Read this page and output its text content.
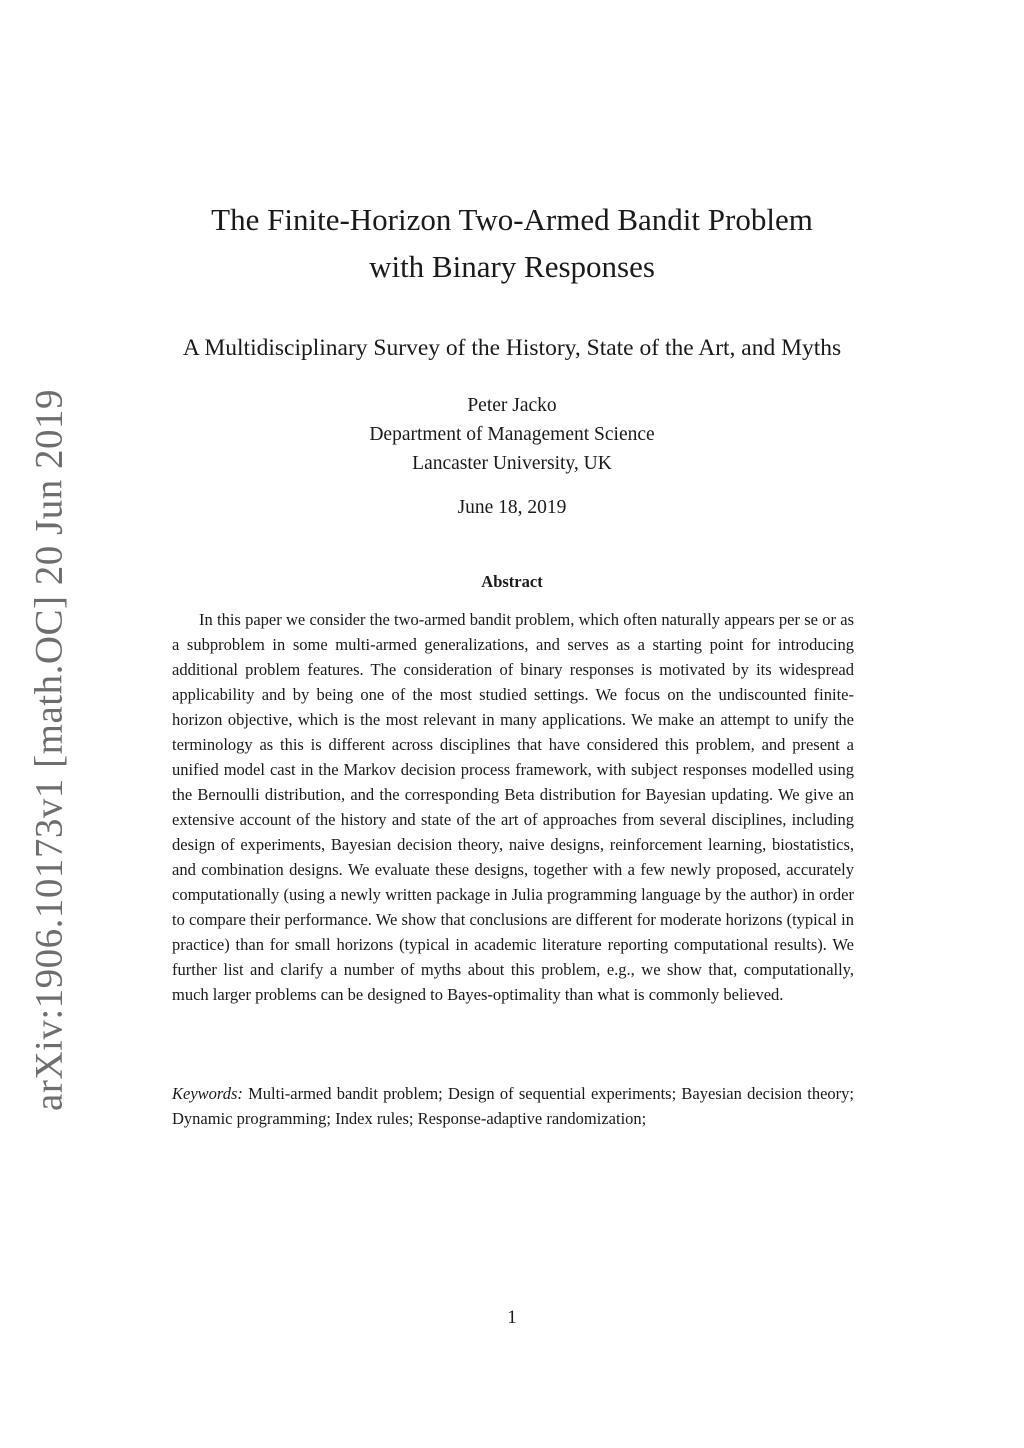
arXiv:1906.10173v1 [math.OC] 20 Jun 2019
The Finite-Horizon Two-Armed Bandit Problem
with Binary Responses
A Multidisciplinary Survey of the History, State of the Art, and Myths
Peter Jacko
Department of Management Science
Lancaster University, UK
June 18, 2019
Abstract

In this paper we consider the two-armed bandit problem, which often naturally appears per se or as a subproblem in some multi-armed generalizations, and serves as a starting point for introducing additional problem features. The consideration of binary responses is motivated by its widespread applicability and by being one of the most studied settings. We focus on the undiscounted finite-horizon objective, which is the most relevant in many applications. We make an attempt to unify the terminology as this is different across disciplines that have considered this problem, and present a unified model cast in the Markov decision process framework, with subject responses modelled using the Bernoulli distribution, and the corresponding Beta distribution for Bayesian updating. We give an extensive account of the history and state of the art of approaches from several disciplines, including design of experiments, Bayesian decision theory, naive designs, reinforcement learning, biostatistics, and combination designs. We evaluate these designs, together with a few newly proposed, accurately computationally (using a newly written package in Julia programming language by the author) in order to compare their performance. We show that conclusions are different for moderate horizons (typical in practice) than for small horizons (typical in academic literature reporting computational results). We further list and clarify a number of myths about this problem, e.g., we show that, computationally, much larger problems can be designed to Bayes-optimality than what is commonly believed.

Keywords: Multi-armed bandit problem; Design of sequential experiments; Bayesian decision theory; Dynamic programming; Index rules; Response-adaptive randomization;

1
